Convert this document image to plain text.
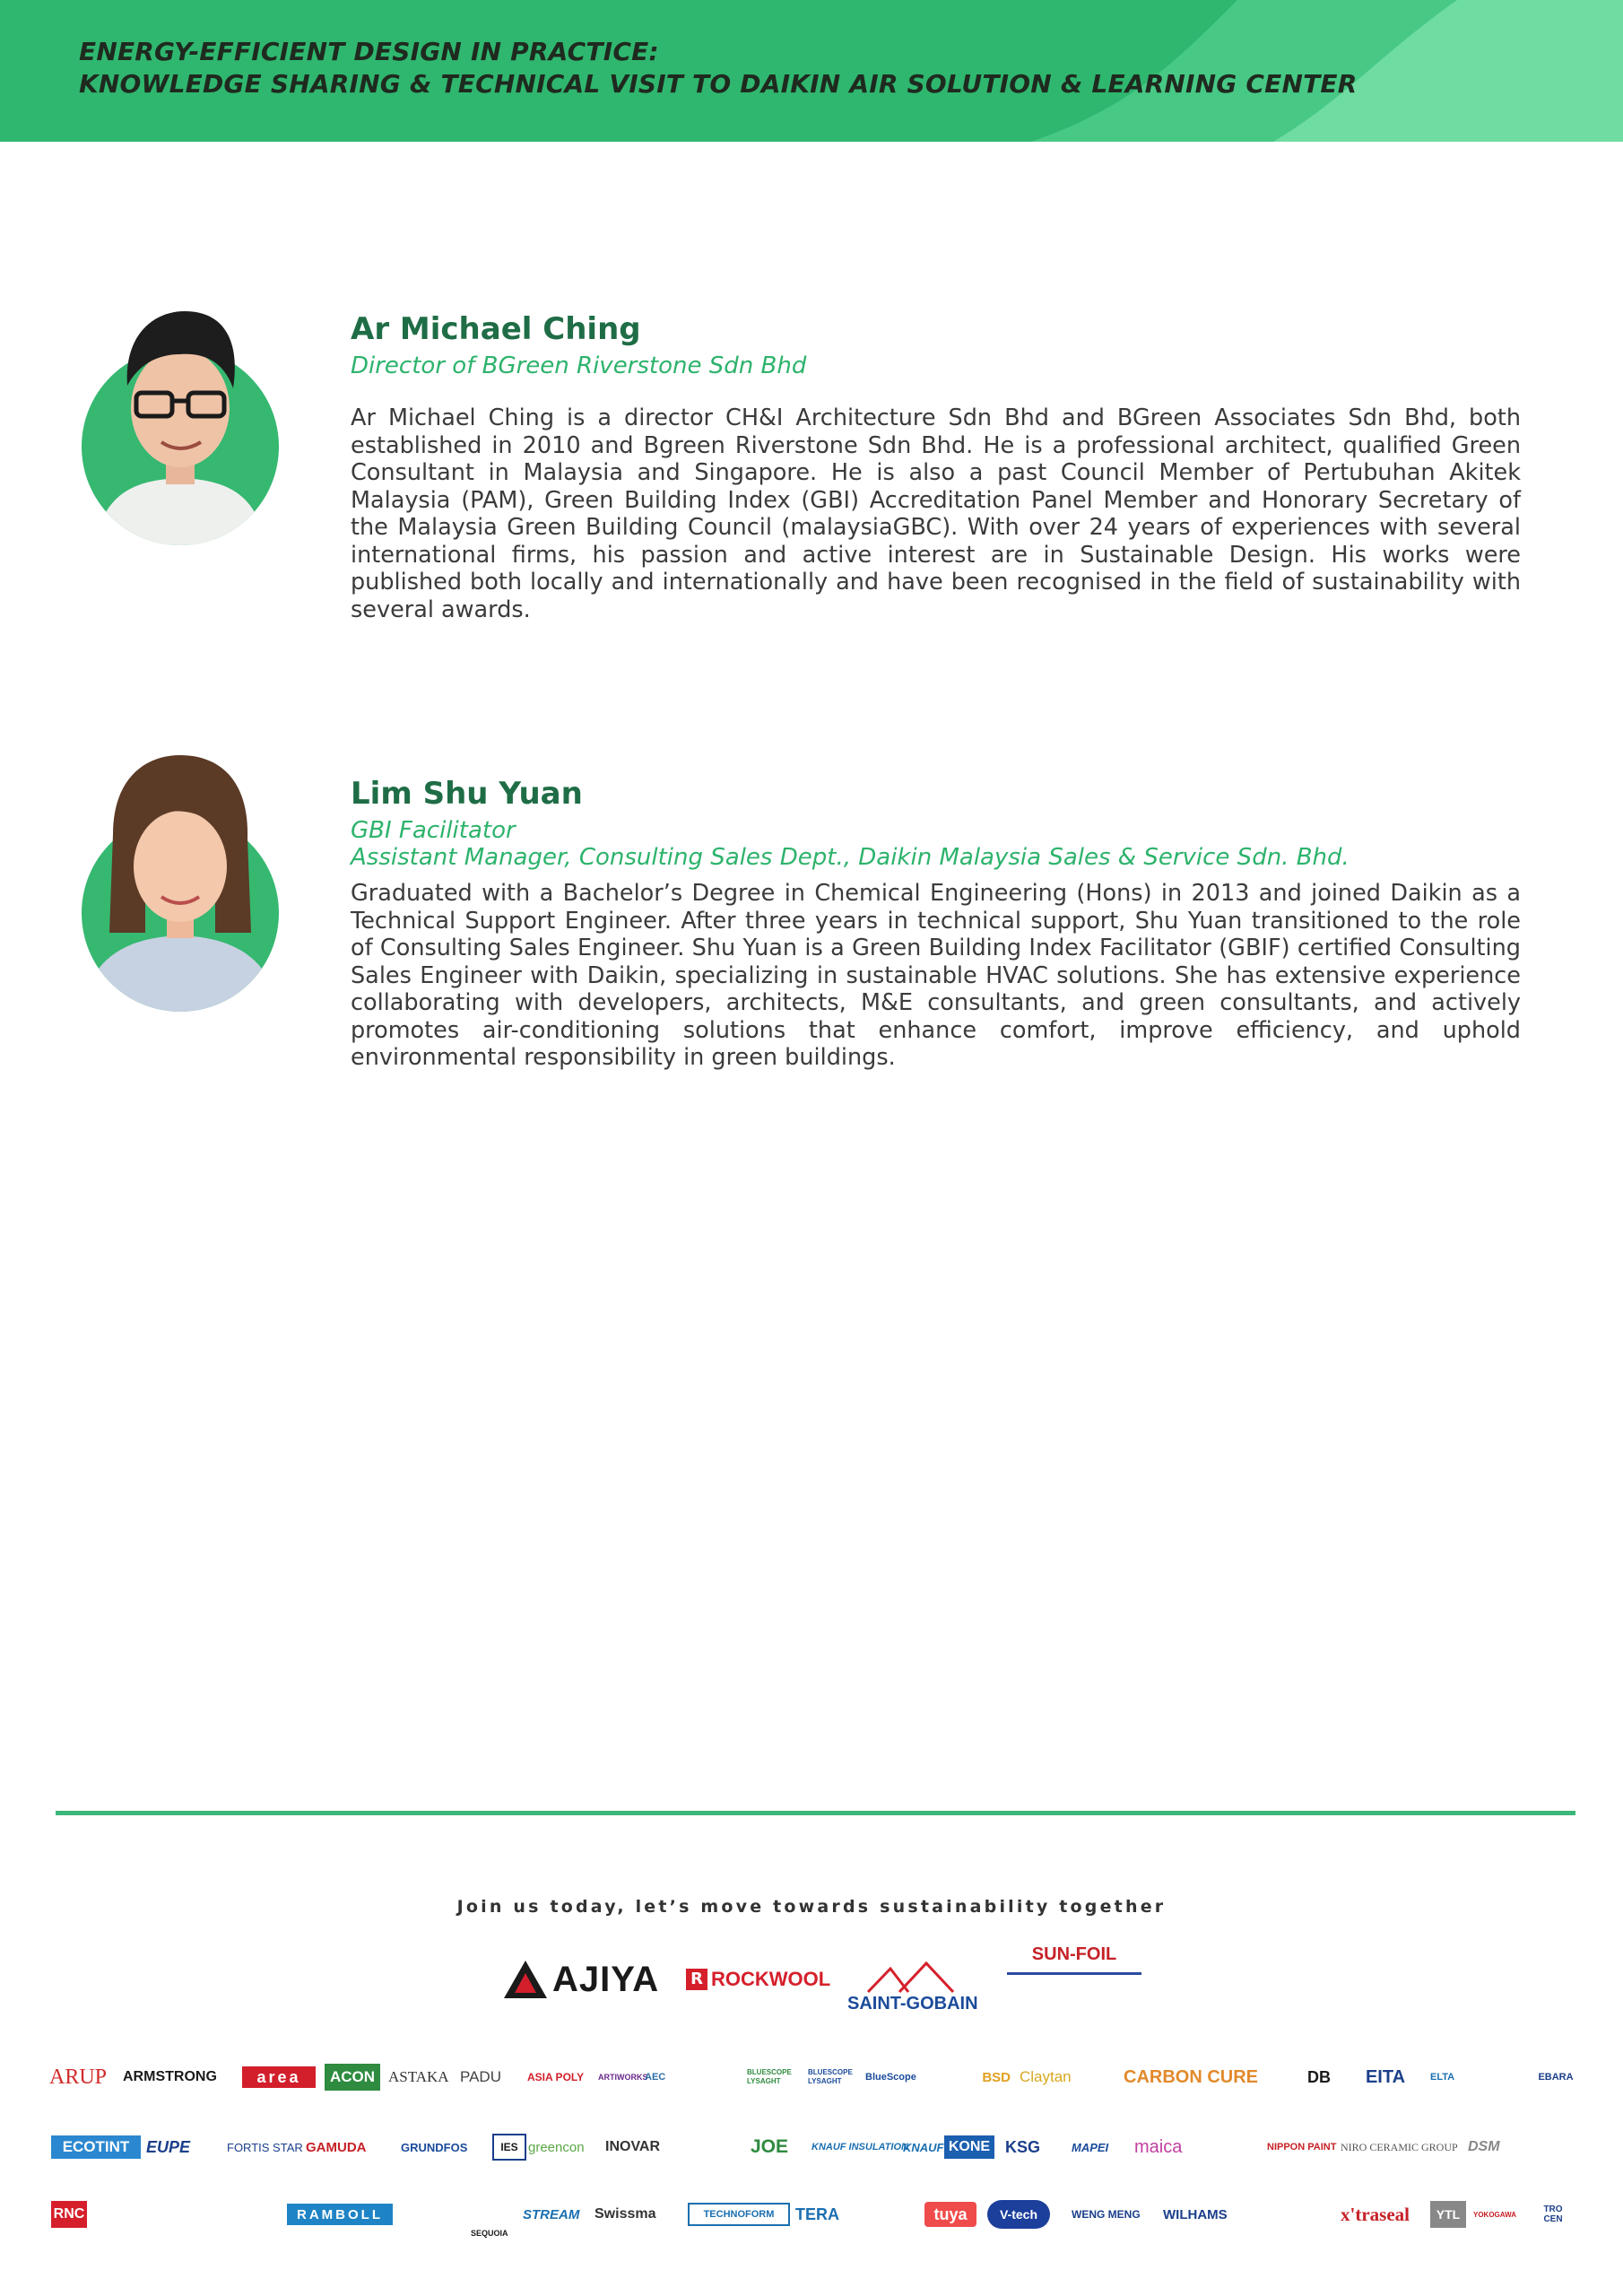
ENERGY-EFFICIENT DESIGN IN PRACTICE:
KNOWLEDGE SHARING & TECHNICAL VISIT TO DAIKIN AIR SOLUTION & LEARNING CENTER
Ar Michael Ching

Director of BGreen Riverstone Sdn Bhd

Ar Michael Ching is a director CH&I Architecture Sdn Bhd and BGreen Associates Sdn Bhd, both established in 2010 and Bgreen Riverstone Sdn Bhd. He is a professional architect, qualified Green Consultant in Malaysia and Singapore. He is also a past Council Member of Pertubuhan Akitek Malaysia (PAM), Green Building Index (GBI) Accreditation Panel Member and Honorary Secretary of the Malaysia Green Building Council (malaysiaGBC). With over 24 years of experiences with several international firms, his passion and active interest are in Sustainable Design. His works were published both locally and internationally and have been recognised in the field of sustainability with several awards.

Lim Shu Yuan

GBI Facilitator

Assistant Manager, Consulting Sales Dept., Daikin Malaysia Sales & Service Sdn. Bhd.

Graduated with a Bachelor’s Degree in Chemical Engineering (Hons) in 2013 and joined Daikin as a Technical Support Engineer. After three years in technical support, Shu Yuan transitioned to the role of Consulting Sales Engineer. Shu Yuan is a Green Building Index Facilitator (GBIF) certified Consulting Sales Engineer with Daikin, specializing in sustainable HVAC solutions. She has extensive experience collaborating with developers, architects, M&E consultants, and green consultants, and actively promotes air-conditioning solutions that enhance comfort, improve efficiency, and uphold environmental responsibility in green buildings.

Join us today, let’s move towards sustainability together
AJIYA R ROCKWOOL
SAINT-GOBAIN
SUN-FOIL
ARUP	ARMSTRONG	area	ACON ASTAKA PADU	ASIA POLY	ARTIWORKS
AEC	BLUESCOPE LYSAGHT
BLUESCOPE LYSAGHT	BlueScope	BSD Claytan	CARBON CURE	DB	EITA	ELTA	EBARA
ECOTINT	EUPE	FORTIS STAR GAMUDA	GRUNDFOS	IES greencon	INOVAR	JOE	KNAUF INSULATION
KNAUF KONE KSG	MAPEI	maica	NIPPON PAINT NIRO CERAMIC GROUP DSM
RNC	RAMBOLL
SEQUOIA
STREAM Swissma	TECHNOFORM	TERA	tuya	V-tech	WENG MENG	WILHAMS	x'traseal	YTL	YOKOGAWA	TRO CEN
